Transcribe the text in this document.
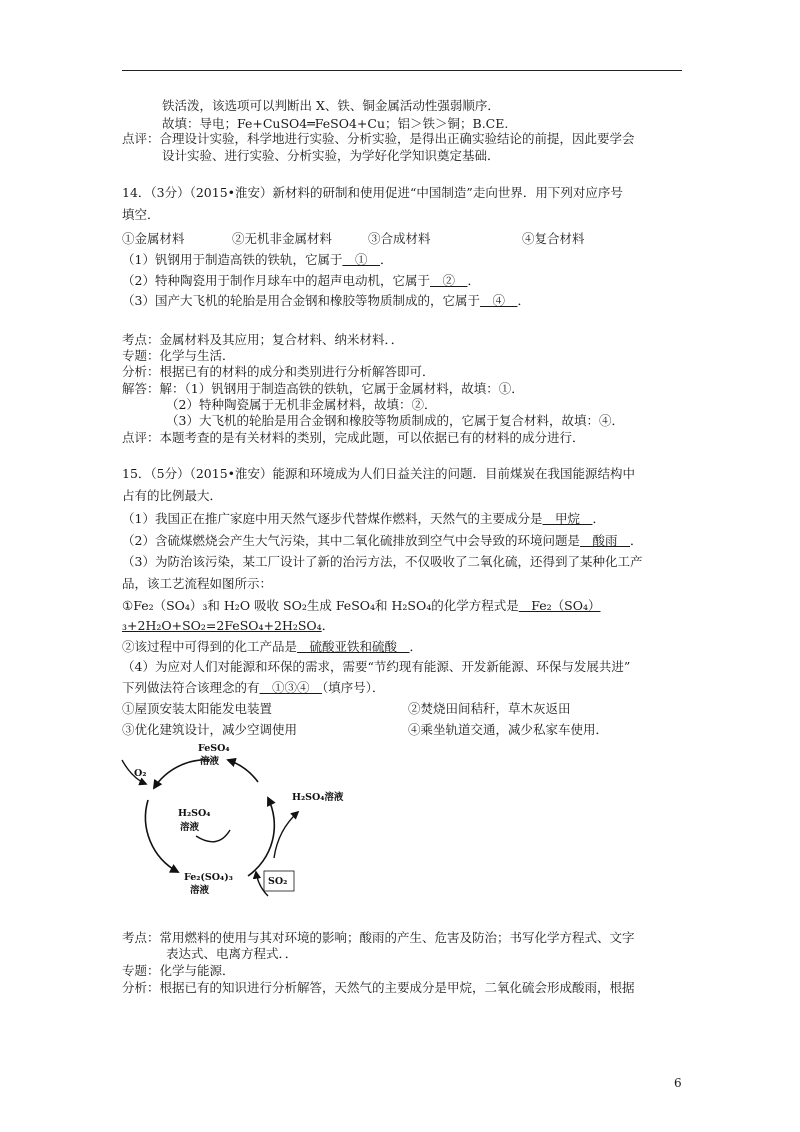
铁活泼，该选项可以判断出 X、铁、铜金属活动性强弱顺序．
故填：导电；Fe+CuSO4═FeSO4+Cu；铝＞铁＞铜；B.CE.
点评：合理设计实验，科学地进行实验、分析实验，是得出正确实验结论的前提，因此要学会
设计实验、进行实验、分析实验，为学好化学知识奠定基础．
14．（3分）（2015•淮安）新材料的研制和使用促进“中国制造”走向世界．用下列对应序号
填空．
①金属材料	②无机非金属材料	③合成材料	④复合材料
（1）钒钢用于制造高铁的铁轨，它属于　①　．
（2）特种陶瓷用于制作月球车中的超声电动机，它属于　②　．
（3）国产大飞机的轮胎是用合金钢和橡胶等物质制成的，它属于　④　．
考点：金属材料及其应用；复合材料、纳米材料．．
专题：化学与生活．
分析：根据已有的材料的成分和类别进行分析解答即可．
解答：解：（1）钒钢用于制造高铁的铁轨，它属于金属材料，故填：①．
（2）特种陶瓷属于无机非金属材料，故填：②．
（3）大飞机的轮胎是用合金钢和橡胶等物质制成的，它属于复合材料，故填：④．
点评：本题考查的是有关材料的类别，完成此题，可以依据已有的材料的成分进行．
15．（5分）（2015•淮安）能源和环境成为人们日益关注的问题．目前煤炭在我国能源结构中
占有的比例最大．
（1）我国正在推广家庭中用天然气逐步代替煤作燃料，天然气的主要成分是　甲烷　．
（2）含硫煤燃烧会产生大气污染，其中二氧化硫排放到空气中会导致的环境问题是　酸雨　．
（3）为防治该污染，某工厂设计了新的治污方法，不仅吸收了二氧化硫，还得到了某种化工产
品，该工艺流程如图所示：
①Fe₂（SO₄）₃和 H₂O 吸收 SO₂生成 FeSO₄和 H₂SO₄的化学方程式是　Fe₂（SO₄）
₃+2H₂O+SO₂=2FeSO₄+2H₂SO₄．
②该过程中可得到的化工产品是　硫酸亚铁和硫酸　．
（4）为应对人们对能源和环保的需求，需要“节约现有能源、开发新能源、环保与发展共进”
下列做法符合该理念的有　①③④　（填序号）．
①屋顶安装太阳能发电装置	②焚烧田间秸秆，草木灰返田
③优化建筑设计，减少空调使用	④乘坐轨道交通，减少私家车使用．
FeSO₄
溶液
O₂
H₂SO₄
溶液
H₂SO₄溶液
Fe₂(SO₄)₃
溶液
SO₂
考点：常用燃料的使用与其对环境的影响；酸雨的产生、危害及防治；书写化学方程式、文字
表达式、电离方程式．．
专题：化学与能源．
分析：根据已有的知识进行分析解答，天然气的主要成分是甲烷，二氧化硫会形成酸雨，根据
6
